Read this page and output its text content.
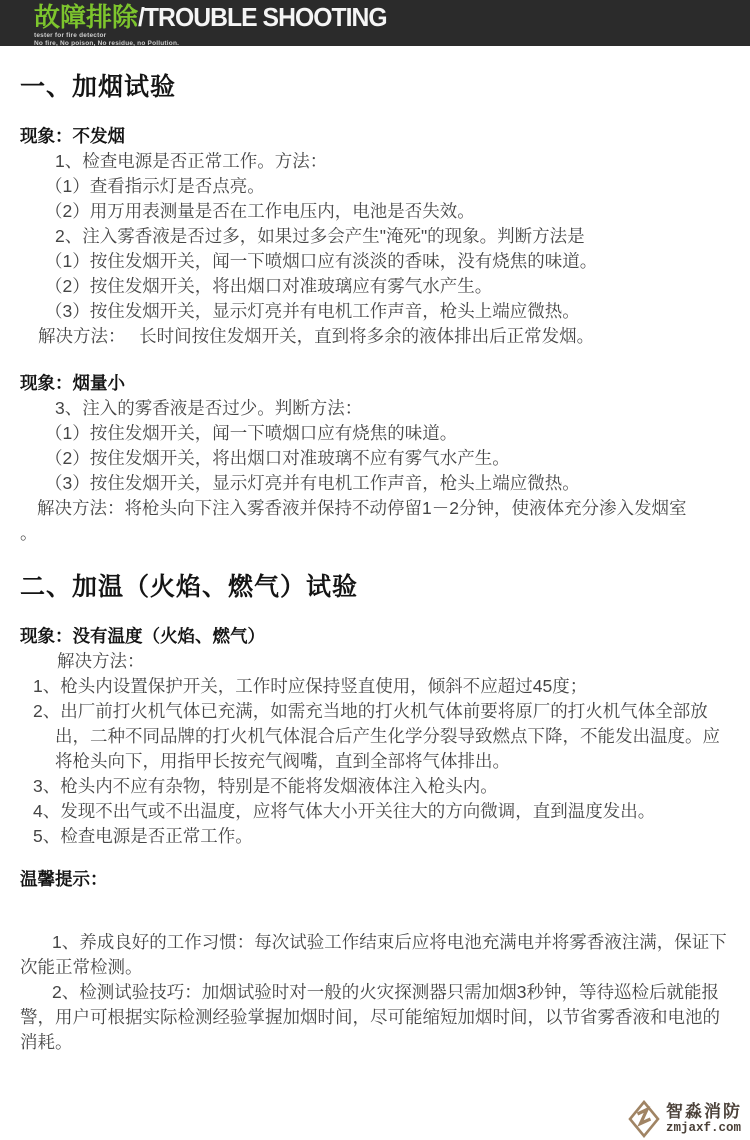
故障排除 /TROUBLE SHOOTING
tester for fire detector
No fire, No poison, No residue, no Pollution.
一、加烟试验
现象：不发烟
1、检查电源是否正常工作。方法：
（1）查看指示灯是否点亮。
（2）用万用表测量是否在工作电压内，电池是否失效。
2、注入雾香液是否过多，如果过多会产生"淹死"的现象。判断方法是
（1）按住发烟开关，闻一下喷烟口应有淡淡的香味，没有烧焦的味道。
（2）按住发烟开关，将出烟口对准玻璃应有雾气水产生。
（3）按住发烟开关，显示灯亮并有电机工作声音，枪头上端应微热。
解决方法：　 长时间按住发烟开关，直到将多余的液体排出后正常发烟。
现象：烟量小
3、注入的雾香液是否过少。判断方法：
（1）按住发烟开关，闻一下喷烟口应有烧焦的味道。
（2）按住发烟开关，将出烟口对准玻璃不应有雾气水产生。
（3）按住发烟开关，显示灯亮并有电机工作声音，枪头上端应微热。
解决方法：将枪头向下注入雾香液并保持不动停留1－2分钟，使液体充分渗入发烟室
。
二、加温（火焰、燃气）试验
现象：没有温度（火焰、燃气）
解决方法：
1、枪头内设置保护开关，工作时应保持竖直使用，倾斜不应超过45度；
2、出厂前打火机气体已充满，如需充当地的打火机气体前要将原厂的打火机气体全部放出，二种不同品牌的打火机气体混合后产生化学分裂导致燃点下降，不能发出温度。应将枪头向下，用指甲长按充气阀嘴，直到全部将气体排出。
3、枪头内不应有杂物，特别是不能将发烟液体注入枪头内。
4、发现不出气或不出温度，应将气体大小开关往大的方向微调，直到温度发出。
5、检查电源是否正常工作。
温馨提示：
1、养成良好的工作习惯：每次试验工作结束后应将电池充满电并将雾香液注满，保证下次能正常检测。
2、检测试验技巧：加烟试验时对一般的火灾探测器只需加烟3秒钟，等待巡检后就能报警，用户可根据实际检测经验掌握加烟时间，尽可能缩短加烟时间，以节省雾香液和电池的消耗。
智淼消防
zmjaxf.com
